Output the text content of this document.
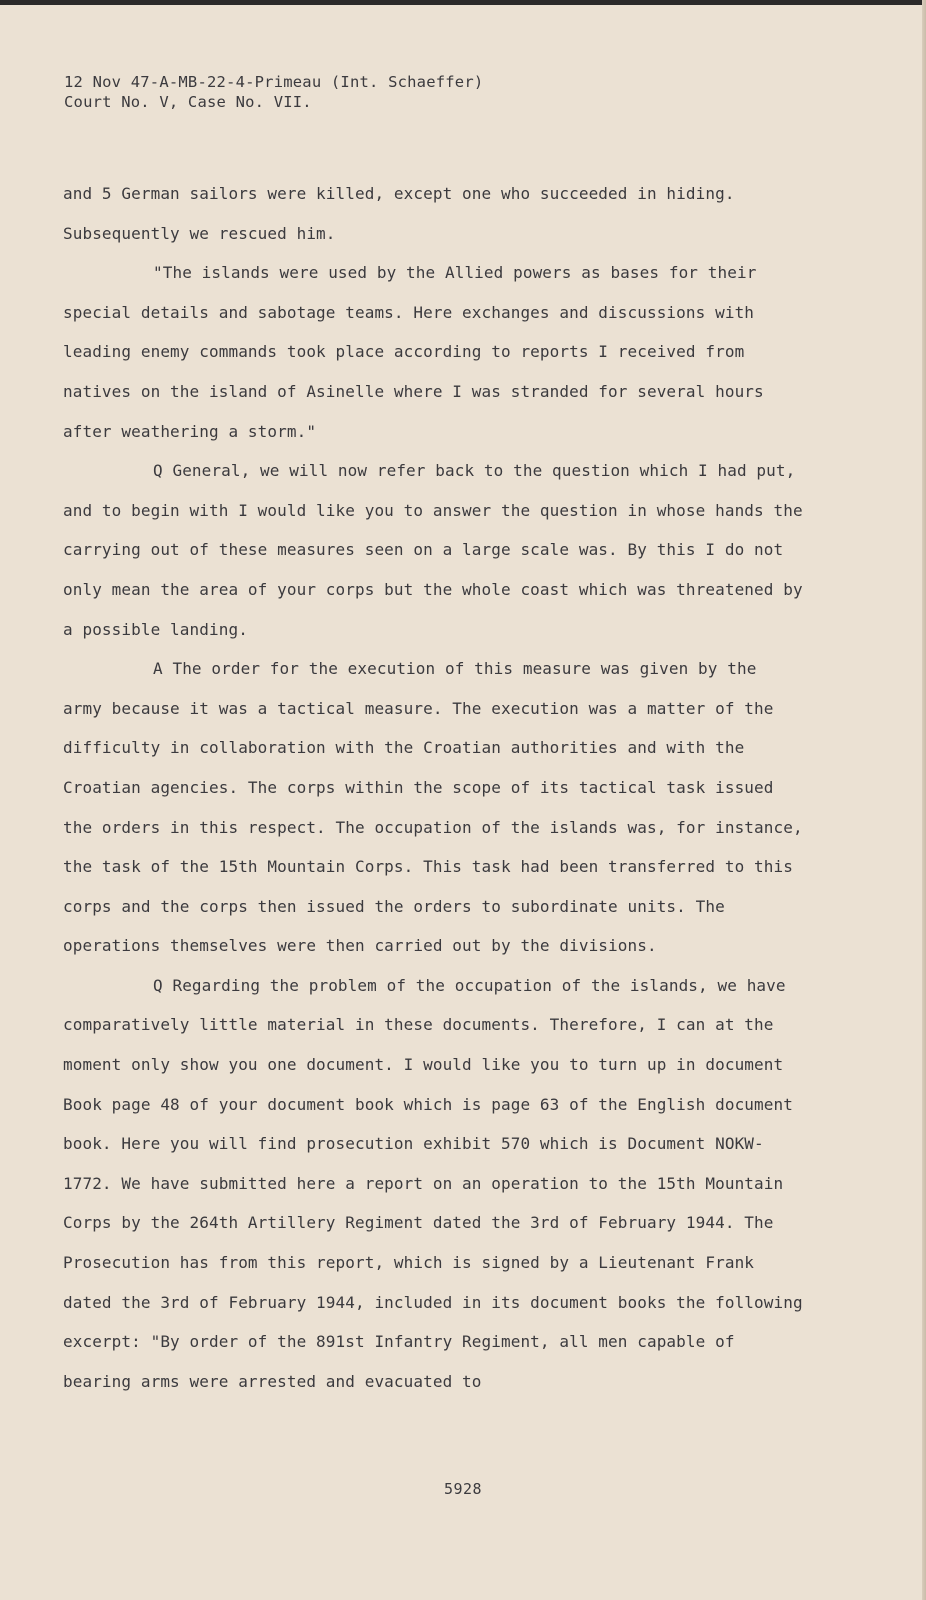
12 Nov 47-A-MB-22-4-Primeau (Int. Schaeffer)
Court No. V, Case No. VII.

and 5 German sailors were killed, except one who succeeded in hiding. Subsequently we rescued him.

"The islands were used by the Allied powers as bases for their special details and sabotage teams. Here exchanges and discussions with leading enemy commands took place according to reports I received from natives on the island of Asinelle where I was stranded for several hours after weathering a storm."

Q General, we will now refer back to the question which I had put, and to begin with I would like you to answer the question in whose hands the carrying out of these measures seen on a large scale was. By this I do not only mean the area of your corps but the whole coast which was threatened by a possible landing.

A The order for the execution of this measure was given by the army because it was a tactical measure. The execution was a matter of the difficulty in collaboration with the Croatian authorities and with the Croatian agencies. The corps within the scope of its tactical task issued the orders in this respect. The occupation of the islands was, for instance, the task of the 15th Mountain Corps. This task had been transferred to this corps and the corps then issued the orders to subordinate units. The operations themselves were then carried out by the divisions.

Q Regarding the problem of the occupation of the islands, we have comparatively little material in these documents. Therefore, I can at the moment only show you one document. I would like you to turn up in document Book page 48 of your document book which is page 63 of the English document book. Here you will find prosecution exhibit 570 which is Document NOKW-1772. We have submitted here a report on an operation to the 15th Mountain Corps by the 264th Artillery Regiment dated the 3rd of February 1944. The Prosecution has from this report, which is signed by a Lieutenant Frank dated the 3rd of February 1944, included in its document books the following excerpt: "By order of the 891st Infantry Regiment, all men capable of bearing arms were arrested and evacuated to

5928
